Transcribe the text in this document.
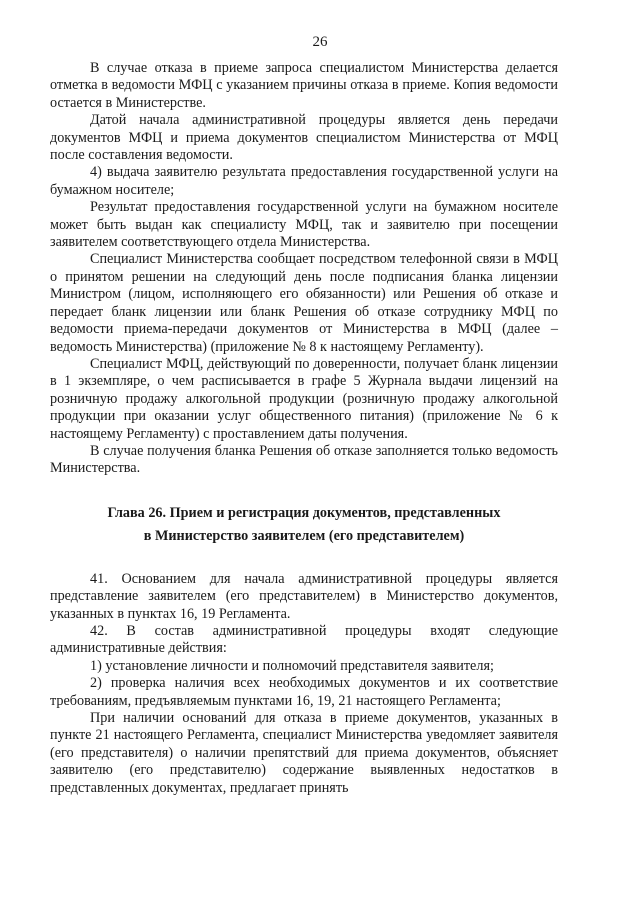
26

В случае отказа в приеме запроса специалистом Министерства делается отметка в ведомости МФЦ с указанием причины отказа в приеме. Копия ведомости остается в Министерстве.

Датой начала административной процедуры является день передачи документов МФЦ и приема документов специалистом Министерства от МФЦ после составления ведомости.

4) выдача заявителю результата предоставления государственной услуги на бумажном носителе;

Результат предоставления государственной услуги на бумажном носителе может быть выдан как специалисту МФЦ, так и заявителю при посещении заявителем соответствующего отдела Министерства.

Специалист Министерства сообщает посредством телефонной связи в МФЦ о принятом решении на следующий день после подписания бланка лицензии Министром (лицом, исполняющего его обязанности) или Решения об отказе и передает бланк лицензии или бланк Решения об отказе сотруднику МФЦ по ведомости приема-передачи документов от Министерства в МФЦ (далее – ведомость Министерства) (приложение № 8 к настоящему Регламенту).

Специалист МФЦ, действующий по доверенности, получает бланк лицензии в 1 экземпляре, о чем расписывается в графе 5 Журнала выдачи лицензий на розничную продажу алкогольной продукции (розничную продажу алкогольной продукции при оказании услуг общественного питания) (приложение № 6 к настоящему Регламенту) с проставлением даты получения.

В случае получения бланка Решения об отказе заполняется только ведомость Министерства.

Глава 26. Прием и регистрация документов, представленных

в Министерство заявителем (его представителем)

41. Основанием для начала административной процедуры является представление заявителем (его представителем) в Министерство документов, указанных в пунктах 16, 19 Регламента.

42. В состав административной процедуры входят следующие административные действия:

1) установление личности и полномочий представителя заявителя;

2) проверка наличия всех необходимых документов и их соответствие требованиям, предъявляемым пунктами 16, 19, 21 настоящего Регламента;

При наличии оснований для отказа в приеме документов, указанных в пункте 21 настоящего Регламента, специалист Министерства уведомляет заявителя (его представителя) о наличии препятствий для приема документов, объясняет заявителю (его представителю) содержание выявленных недостатков в представленных документах, предлагает принять
